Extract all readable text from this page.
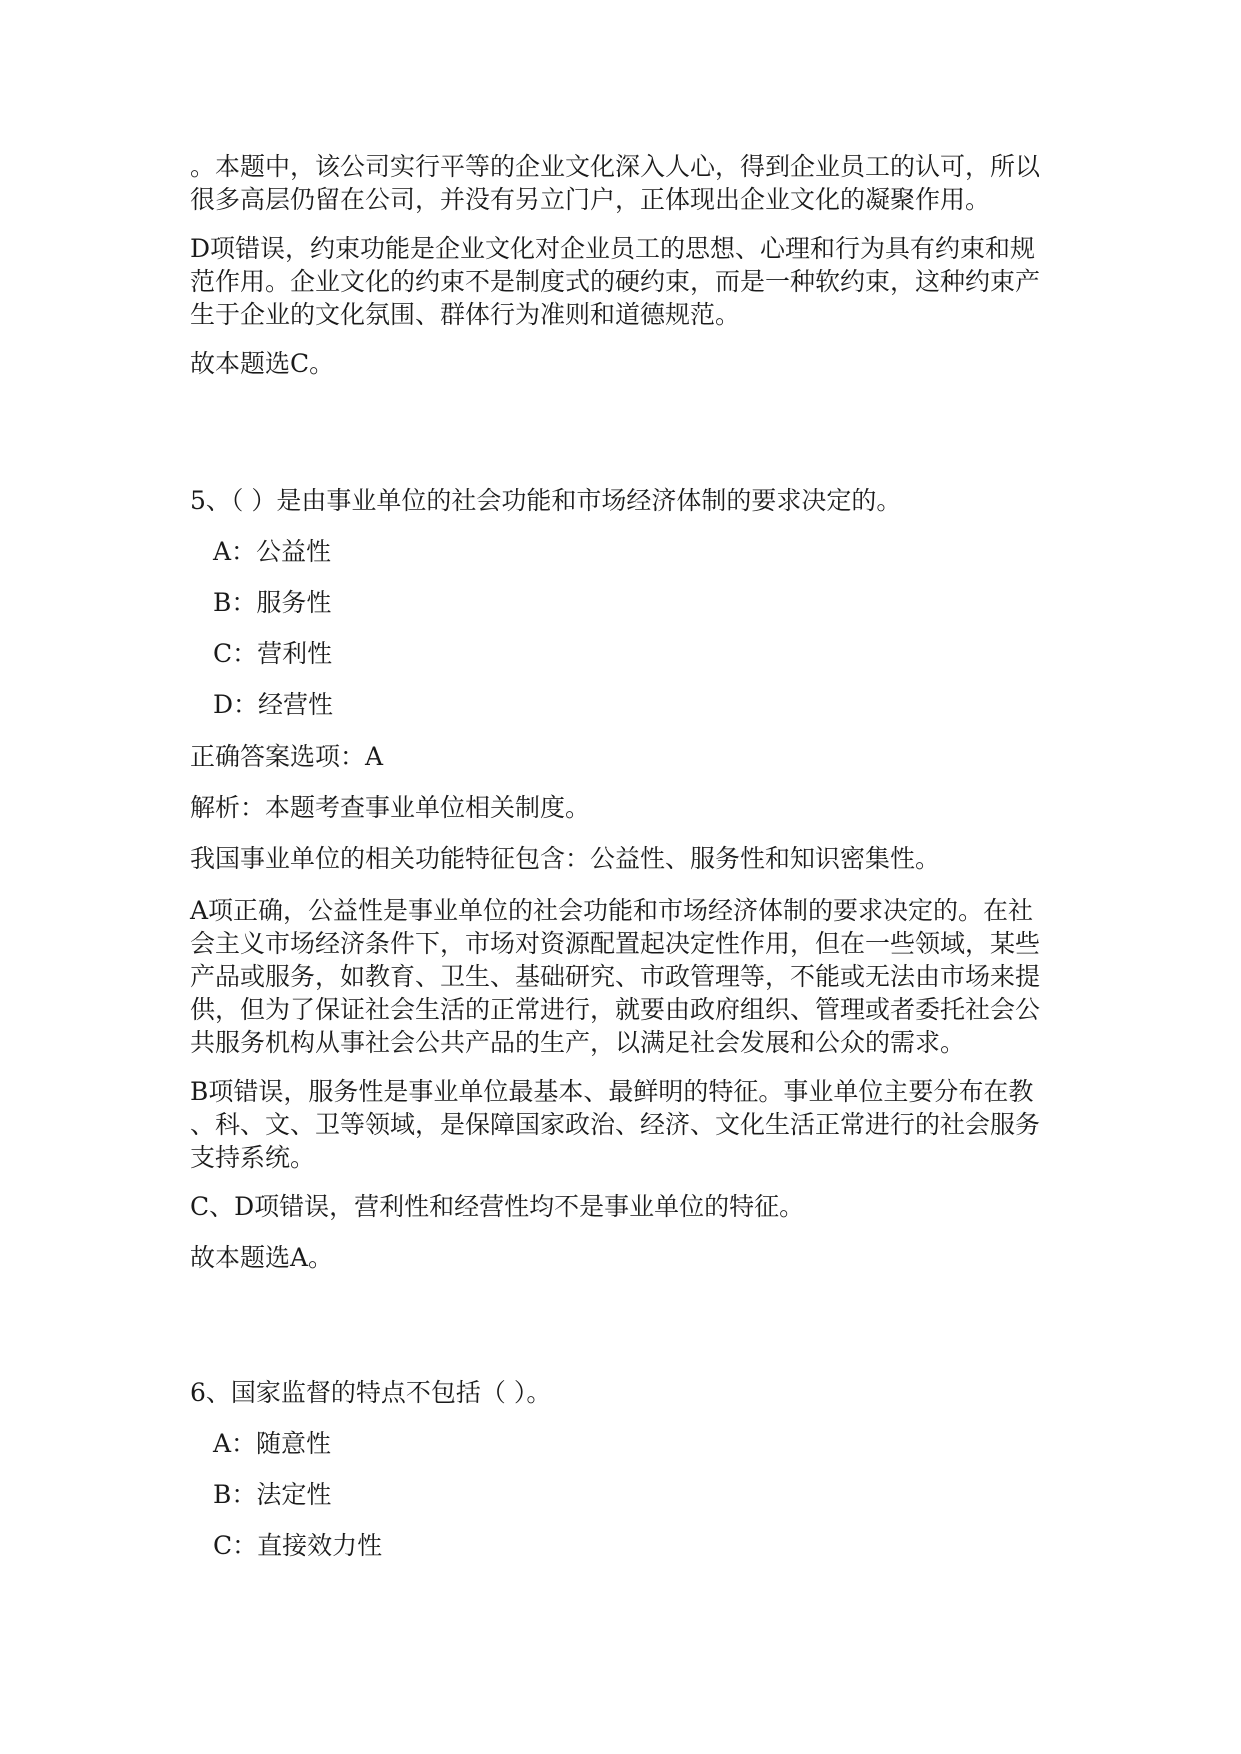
。本题中，该公司实行平等的企业文化深入人心，得到企业员工的认可，所以
很多高层仍留在公司，并没有另立门户，正体现出企业文化的凝聚作用。
D项错误，约束功能是企业文化对企业员工的思想、心理和行为具有约束和规
范作用。企业文化的约束不是制度式的硬约束，而是一种软约束，这种约束产
生于企业的文化氛围、群体行为准则和道德规范。
故本题选C。
5、（ ）是由事业单位的社会功能和市场经济体制的要求决定的。
A：公益性
B：服务性
C：营利性
D：经营性
正确答案选项：A
解析：本题考查事业单位相关制度。
我国事业单位的相关功能特征包含：公益性、服务性和知识密集性。
A项正确，公益性是事业单位的社会功能和市场经济体制的要求决定的。在社
会主义市场经济条件下，市场对资源配置起决定性作用，但在一些领域，某些
产品或服务，如教育、卫生、基础研究、市政管理等，不能或无法由市场来提
供，但为了保证社会生活的正常进行，就要由政府组织、管理或者委托社会公
共服务机构从事社会公共产品的生产，以满足社会发展和公众的需求。
B项错误，服务性是事业单位最基本、最鲜明的特征。事业单位主要分布在教
、科、文、卫等领域，是保障国家政治、经济、文化生活正常进行的社会服务
支持系统。
C、D项错误，营利性和经营性均不是事业单位的特征。
故本题选A。
6、国家监督的特点不包括（ ）。
A：随意性
B：法定性
C：直接效力性
